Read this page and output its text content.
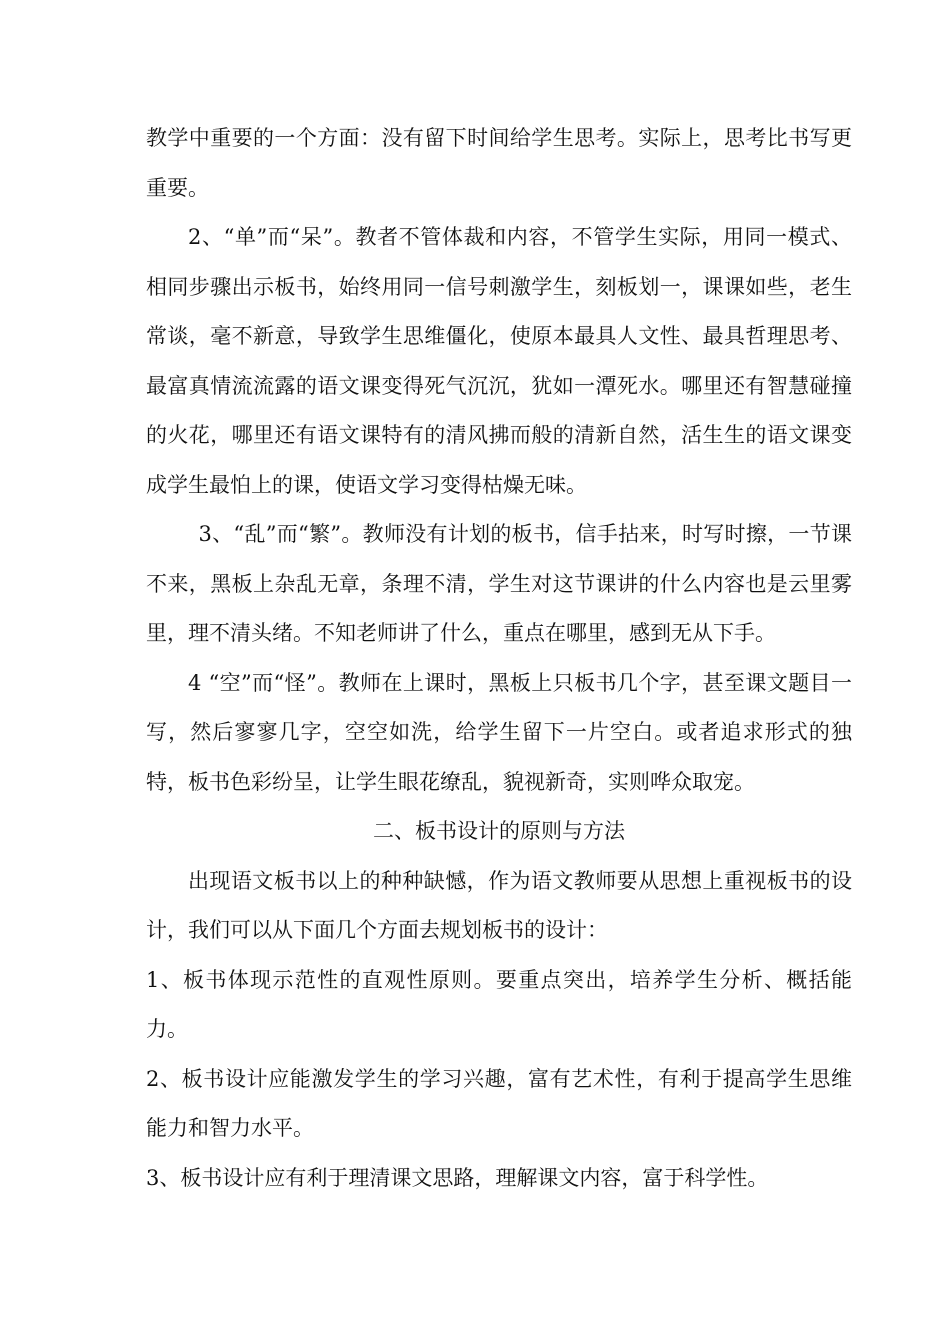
教学中重要的一个方面：没有留下时间给学生思考。实际上，思考比书写更重要。

2、“单”而“呆”。教者不管体裁和内容，不管学生实际，用同一模式、相同步骤出示板书，始终用同一信号刺激学生，刻板划一，课课如些，老生常谈，毫不新意，导致学生思维僵化，使原本最具人文性、最具哲理思考、最富真情流流露的语文课变得死气沉沉，犹如一潭死水。哪里还有智慧碰撞的火花，哪里还有语文课特有的清风拂而般的清新自然，活生生的语文课变成学生最怕上的课，使语文学习变得枯燥无味。

3、“乱”而“繁”。教师没有计划的板书，信手拈来，时写时擦，一节课不来，黑板上杂乱无章，条理不清，学生对这节课讲的什么内容也是云里雾里，理不清头绪。不知老师讲了什么，重点在哪里，感到无从下手。

4 “空”而“怪”。教师在上课时，黑板上只板书几个字，甚至课文题目一写，然后寥寥几字，空空如洗，给学生留下一片空白。或者追求形式的独特，板书色彩纷呈，让学生眼花缭乱，貌视新奇，实则哗众取宠。

二、板书设计的原则与方法

出现语文板书以上的种种缺憾，作为语文教师要从思想上重视板书的设计，我们可以从下面几个方面去规划板书的设计：

1、板书体现示范性的直观性原则。要重点突出，培养学生分析、概括能力。

2、板书设计应能激发学生的学习兴趣，富有艺术性，有利于提高学生思维能力和智力水平。

3、板书设计应有利于理清课文思路，理解课文内容，富于科学性。
